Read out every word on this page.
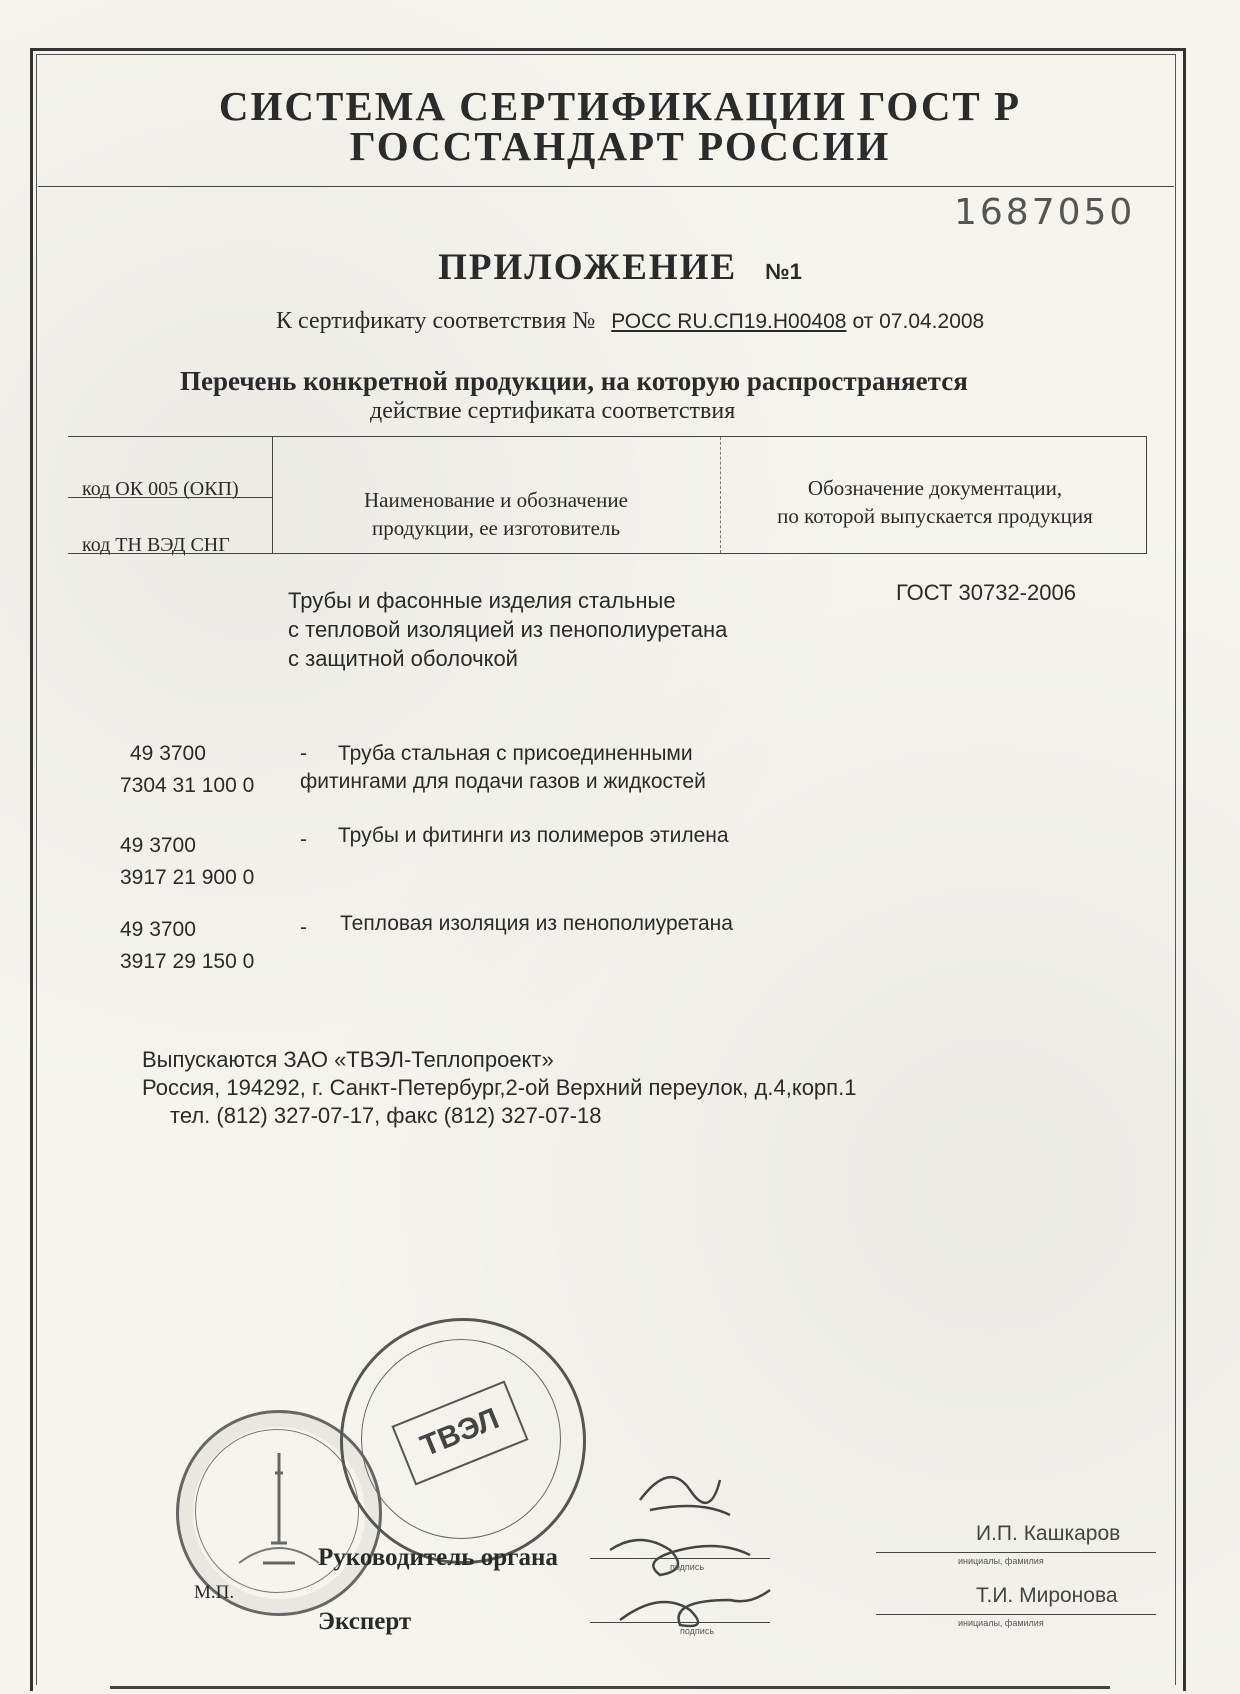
СИСТЕМА СЕРТИФИКАЦИИ ГОСТ Р
ГОССТАНДАРТ РОССИИ
1687050
ПРИЛОЖЕНИЕ №1
К сертификату соответствия № РОСС RU.СП19.Н00408 от 07.04.2008
Перечень конкретной продукции, на которую распространяется
действие сертификата соответствия
код ОК 005 (ОКП)
код ТН ВЭД СНГ
Наименование и обозначение
продукции, ее изготовитель
Обозначение документации,
по которой выпускается продукция
Трубы и фасонные изделия стальные
с тепловой изоляцией из пенополиуретана
с защитной оболочкой
ГОСТ 30732-2006
49 3700
7304 31 100 0
- Труба стальная с присоединенными
фитингами для подачи газов и жидкостей
49 3700
3917 21 900 0
- Трубы и фитинги из полимеров этилена
49 3700
3917 29 150 0
- Тепловая изоляция из пенополиуретана
Выпускаются ЗАО «ТВЭЛ-Теплопроект»
Россия, 194292, г. Санкт-Петербург,2-ой Верхний переулок, д.4,корп.1
тел. (812) 327-07-17, факс (812) 327-07-18
ТВЭЛ
М.П.
Руководитель органа
Эксперт
подпись
подпись
И.П. Кашкаров
инициалы, фамилия
Т.И. Миронова
инициалы, фамилия
